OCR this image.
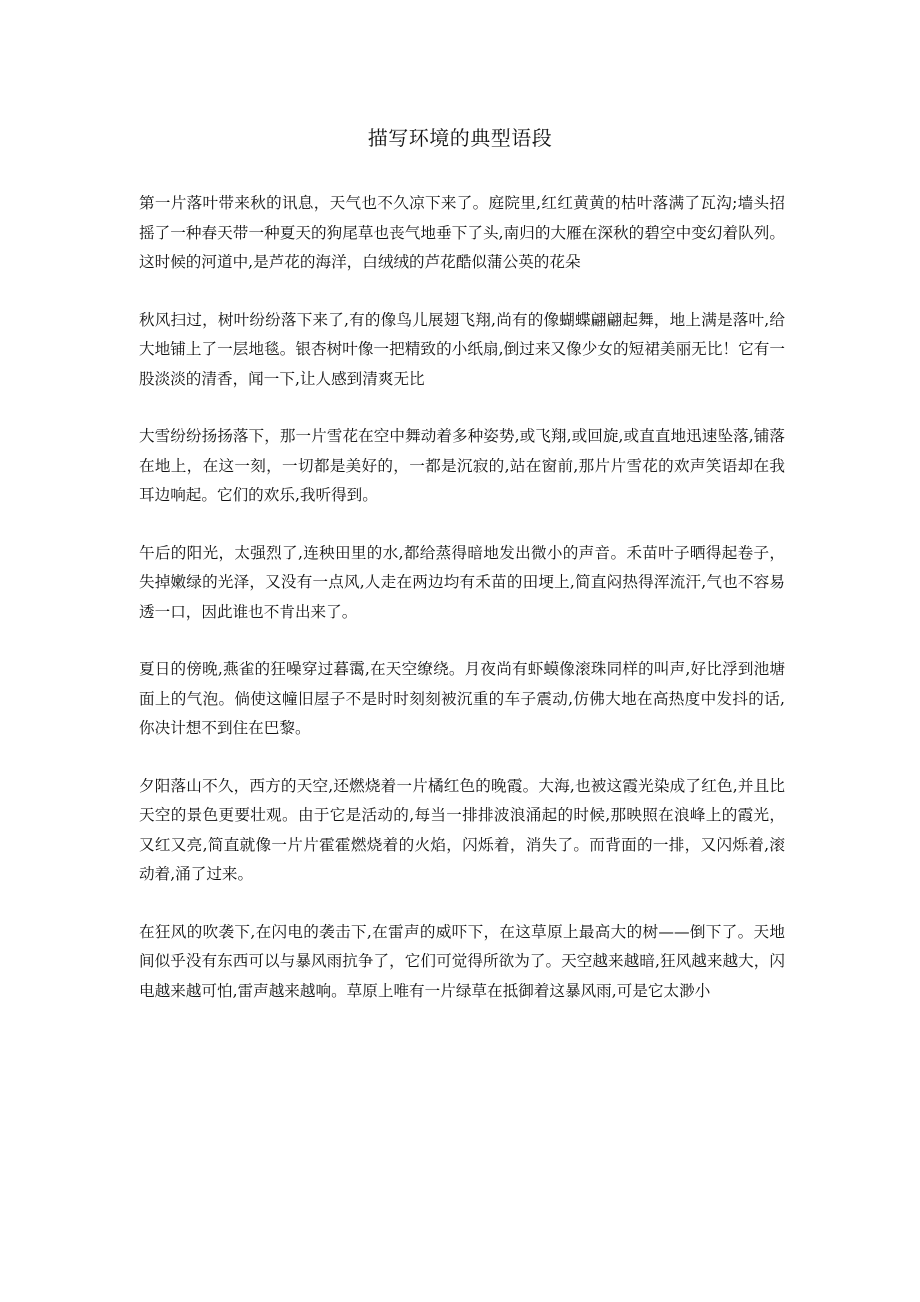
描写环境的典型语段

第一片落叶带来秋的讯息，天气也不久凉下来了。庭院里,红红黄黄的枯叶落满了瓦沟;墙头招摇了一种春天带一种夏天的狗尾草也丧气地垂下了头,南归的大雁在深秋的碧空中变幻着队列。这时候的河道中,是芦花的海洋，白绒绒的芦花酷似蒲公英的花朵

秋风扫过，树叶纷纷落下来了,有的像鸟儿展翅飞翔,尚有的像蝴蝶翩翩起舞，地上满是落叶,给大地铺上了一层地毯。银杏树叶像一把精致的小纸扇,倒过来又像少女的短裙美丽无比！它有一股淡淡的清香，闻一下,让人感到清爽无比

大雪纷纷扬扬落下，那一片雪花在空中舞动着多种姿势,或飞翔,或回旋,或直直地迅速坠落,铺落在地上，在这一刻，一切都是美好的，一都是沉寂的,站在窗前,那片片雪花的欢声笑语却在我耳边响起。它们的欢乐,我听得到。

午后的阳光，太强烈了,连秧田里的水,都给蒸得暗地发出微小的声音。禾苗叶子晒得起卷子，失掉嫩绿的光泽，又没有一点风,人走在两边均有禾苗的田埂上,简直闷热得浑流汗,气也不容易透一口，因此谁也不肯出来了。

夏日的傍晚,燕雀的狂噪穿过暮霭,在天空缭绕。月夜尚有虾蟆像滚珠同样的叫声,好比浮到池塘面上的气泡。倘使这幢旧屋子不是时时刻刻被沉重的车子震动,仿佛大地在高热度中发抖的话,你决计想不到住在巴黎。

夕阳落山不久，西方的天空,还燃烧着一片橘红色的晚霞。大海,也被这霞光染成了红色,并且比天空的景色更要壮观。由于它是活动的,每当一排排波浪涌起的时候,那映照在浪峰上的霞光，又红又亮,简直就像一片片霍霍燃烧着的火焰，闪烁着，消失了。而背面的一排，又闪烁着,滚动着,涌了过来。

在狂风的吹袭下,在闪电的袭击下,在雷声的威吓下，在这草原上最高大的树——倒下了。天地间似乎没有东西可以与暴风雨抗争了，它们可觉得所欲为了。天空越来越暗,狂风越来越大，闪电越来越可怕,雷声越来越响。草原上唯有一片绿草在抵御着这暴风雨,可是它太渺小
